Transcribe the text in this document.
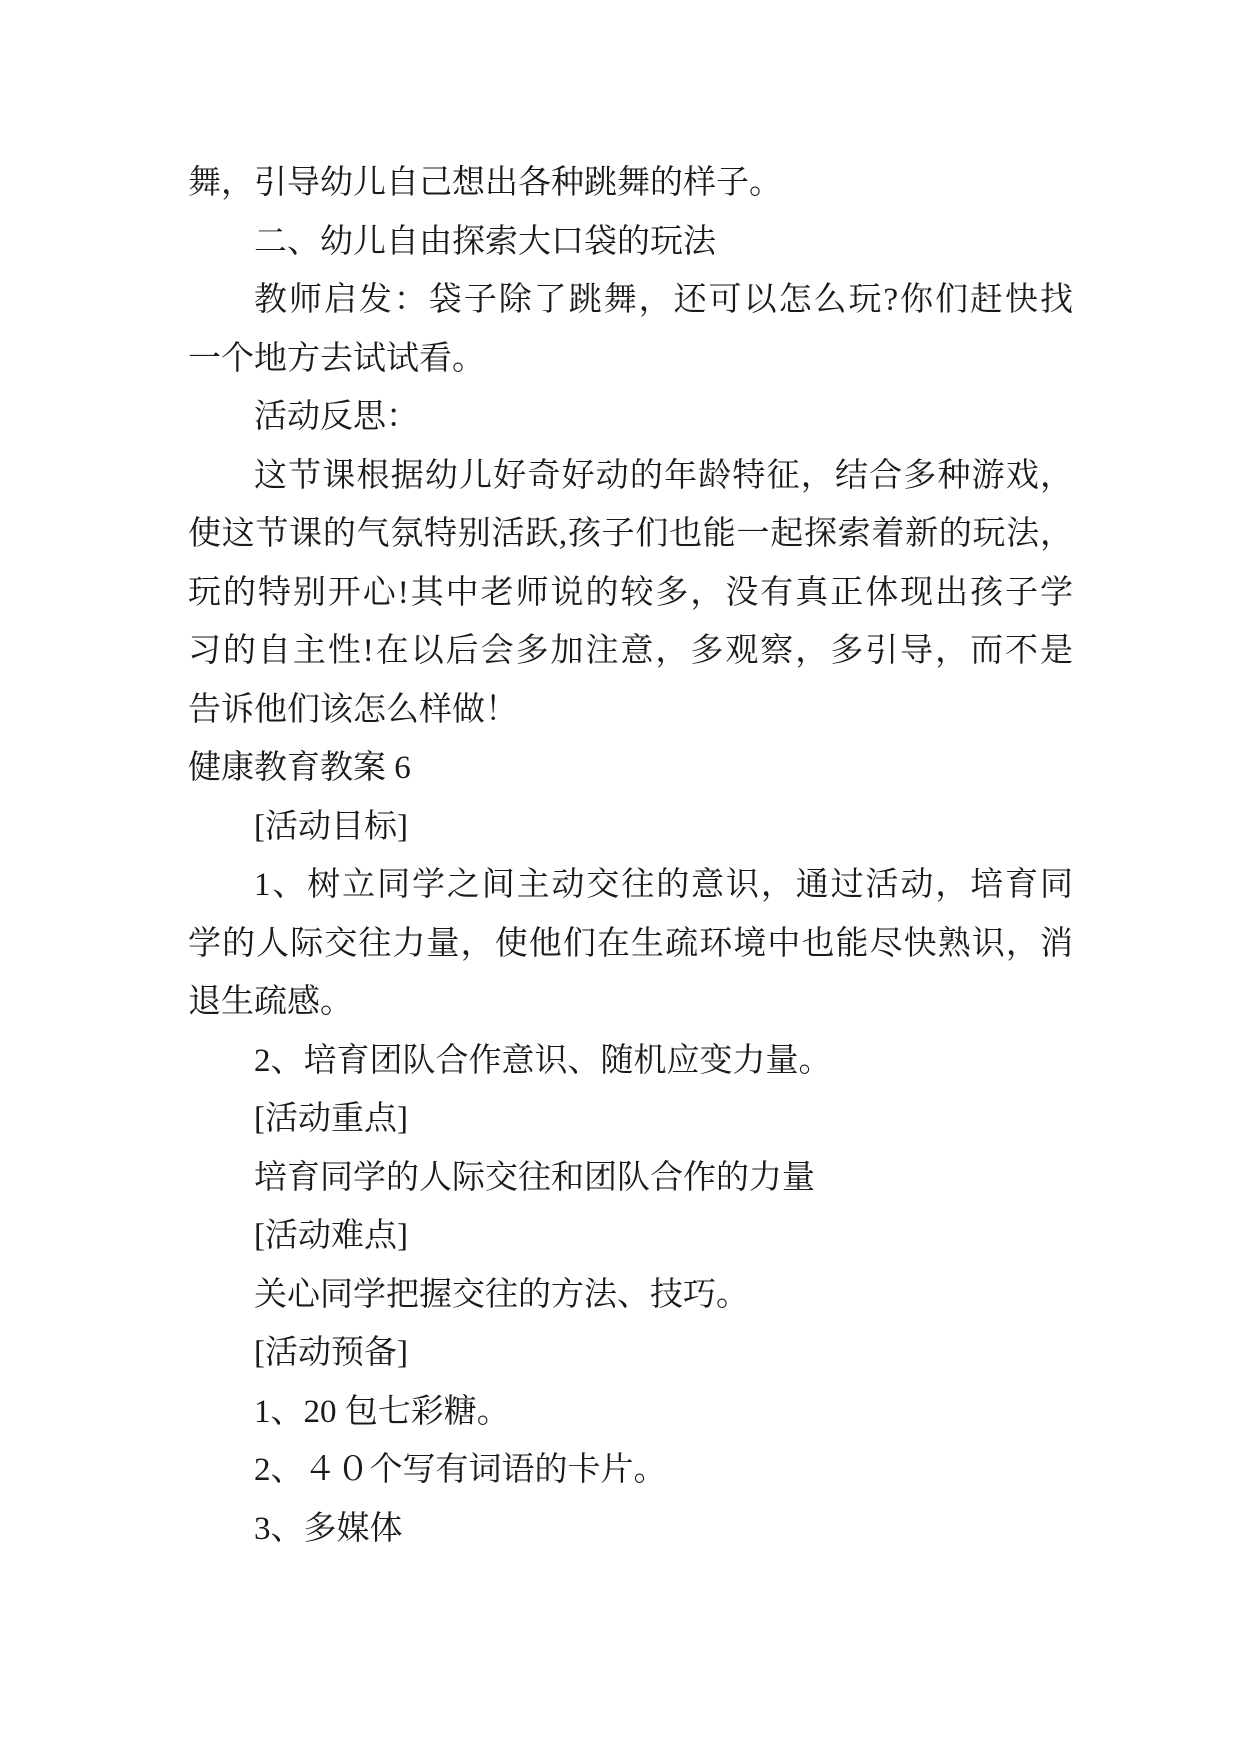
舞，引导幼儿自己想出各种跳舞的样子。
二、幼儿自由探索大口袋的玩法
教师启发：袋子除了跳舞，还可以怎么玩?你们赶快找
一个地方去试试看。
活动反思：
这节课根据幼儿好奇好动的年龄特征，结合多种游戏，
使这节课的气氛特别活跃,孩子们也能一起探索着新的玩法，
玩的特别开心!其中老师说的较多，没有真正体现出孩子学
习的自主性!在以后会多加注意，多观察，多引导，而不是
告诉他们该怎么样做！
健康教育教案 6
[活动目标]
1、树立同学之间主动交往的意识，通过活动，培育同
学的人际交往力量，使他们在生疏环境中也能尽快熟识，消
退生疏感。
2、培育团队合作意识、随机应变力量。
[活动重点]
培育同学的人际交往和团队合作的力量
[活动难点]
关心同学把握交往的方法、技巧。
[活动预备]
1、20 包七彩糖。
2、４０个写有词语的卡片。
3、多媒体
